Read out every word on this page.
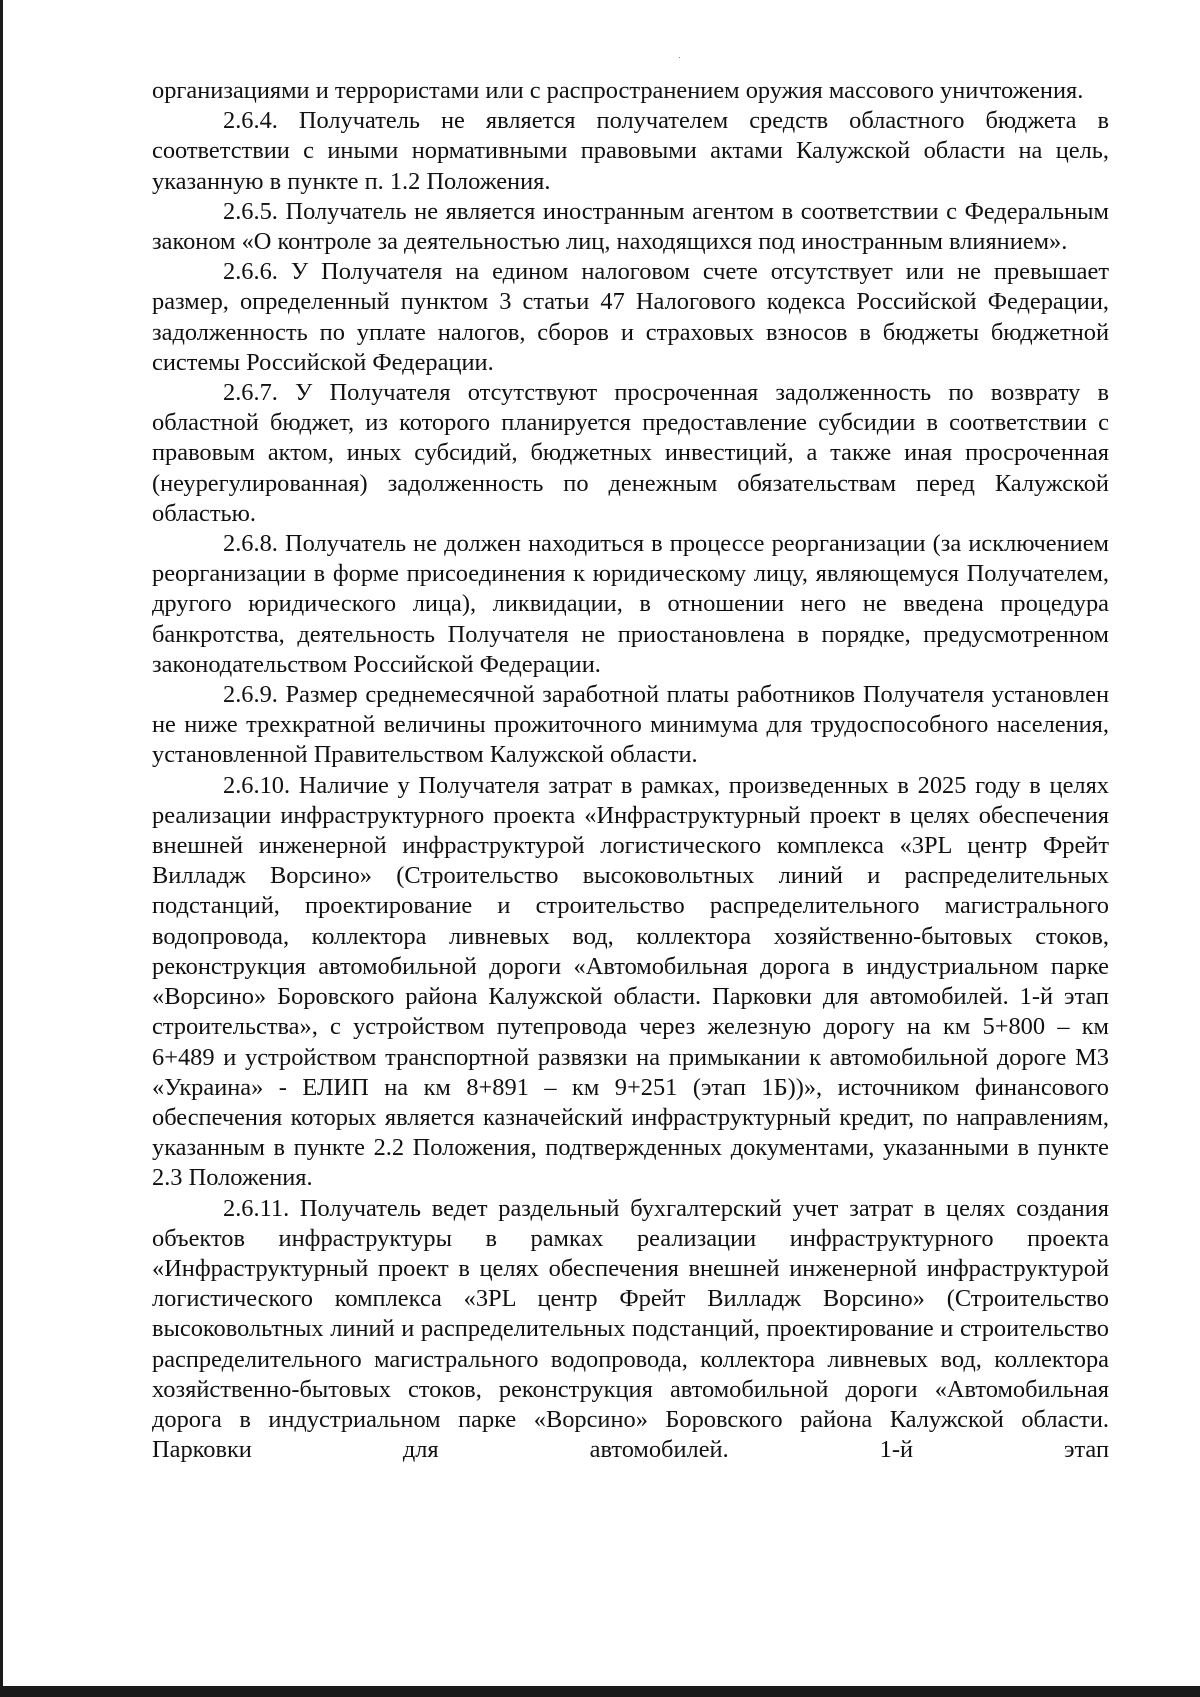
организациями и террористами или с распространением оружия массового уничтожения.

2.6.4. Получатель не является получателем средств областного бюджета в соответствии с иными нормативными правовыми актами Калужской области на цель, указанную в пункте п. 1.2 Положения.

2.6.5. Получатель не является иностранным агентом в соответствии с Федеральным законом «О контроле за деятельностью лиц, находящихся под иностранным влиянием».

2.6.6. У Получателя на едином налоговом счете отсутствует или не превышает размер, определенный пунктом 3 статьи 47 Налогового кодекса Российской Федерации, задолженность по уплате налогов, сборов и страховых взносов в бюджеты бюджетной системы Российской Федерации.

2.6.7. У Получателя отсутствуют просроченная задолженность по возврату в областной бюджет, из которого планируется предоставление субсидии в соответствии с правовым актом, иных субсидий, бюджетных инвестиций, а также иная просроченная (неурегулированная) задолженность по денежным обязательствам перед Калужской областью.

2.6.8. Получатель не должен находиться в процессе реорганизации (за исключением реорганизации в форме присоединения к юридическому лицу, являющемуся Получателем, другого юридического лица), ликвидации, в отношении него не введена процедура банкротства, деятельность Получателя не приостановлена в порядке, предусмотренном законодательством Российской Федерации.

2.6.9. Размер среднемесячной заработной платы работников Получателя установлен не ниже трехкратной величины прожиточного минимума для трудоспособного населения, установленной Правительством Калужской области.

2.6.10. Наличие у Получателя затрат в рамках, произведенных в 2025 году в целях реализации инфраструктурного проекта «Инфраструктурный проект в целях обеспечения внешней инженерной инфраструктурой логистического комплекса «3PL центр Фрейт Вилладж Ворсино» (Строительство высоковольтных линий и распределительных подстанций, проектирование и строительство распределительного магистрального водопровода, коллектора ливневых вод, коллектора хозяйственно-бытовых стоков, реконструкция автомобильной дороги «Автомобильная дорога в индустриальном парке «Ворсино» Боровского района Калужской области. Парковки для автомобилей. 1-й этап строительства», с устройством путепровода через железную дорогу на км 5+800 – км 6+489 и устройством транспортной развязки на примыкании к автомобильной дороге М3 «Украина» - ЕЛИП на км 8+891 – км 9+251 (этап 1Б))», источником финансового обеспечения которых является казначейский инфраструктурный кредит, по направлениям, указанным в пункте 2.2 Положения, подтвержденных документами, указанными в пункте 2.3 Положения.

2.6.11. Получатель ведет раздельный бухгалтерский учет затрат в целях создания объектов инфраструктуры в рамках реализации инфраструктурного проекта «Инфраструктурный проект в целях обеспечения внешней инженерной инфраструктурой логистического комплекса «3PL центр Фрейт Вилладж Ворсино» (Строительство высоковольтных линий и распределительных подстанций, проектирование и строительство распределительного магистрального водопровода, коллектора ливневых вод, коллектора хозяйственно-бытовых стоков, реконструкция автомобильной дороги «Автомобильная дорога в индустриальном парке «Ворсино» Боровского района Калужской области. Парковки для автомобилей. 1-й этап
